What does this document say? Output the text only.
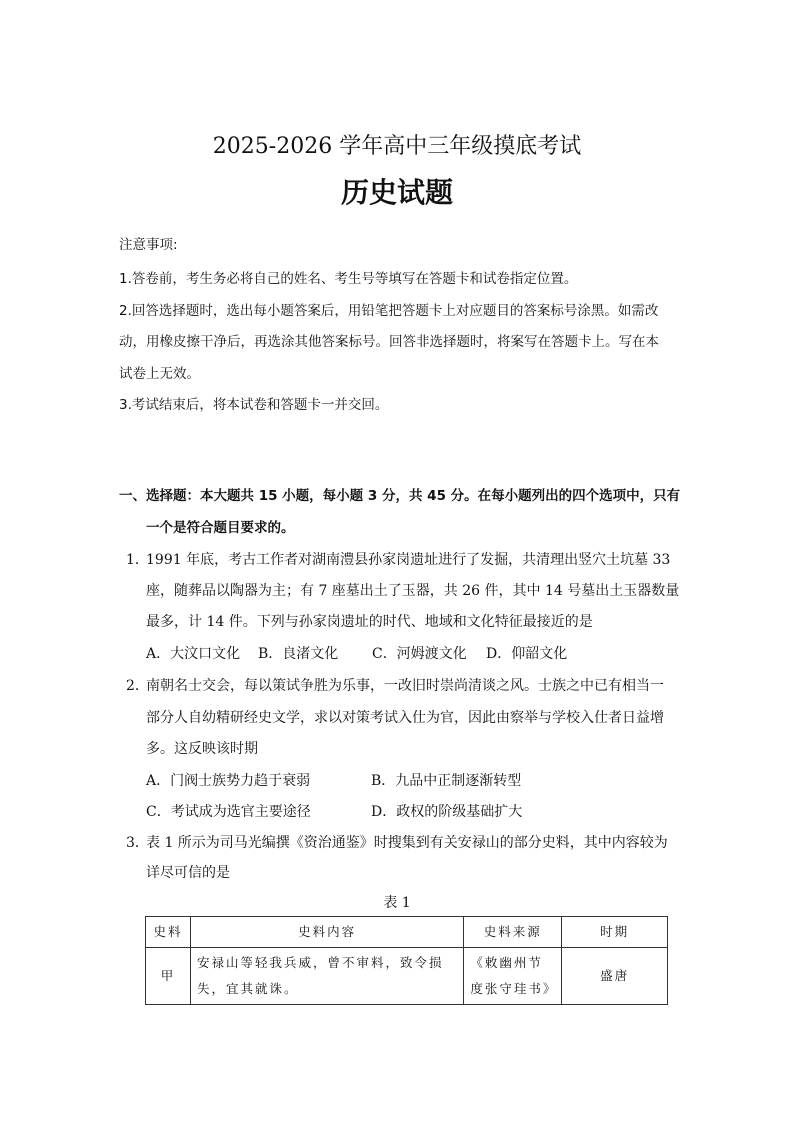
2025-2026 学年高中三年级摸底考试
历史试题
注意事项:
1.答卷前，考生务必将自己的姓名、考生号等填写在答题卡和试卷指定位置。
2.回答选择题时，选出每小题答案后，用铅笔把答题卡上对应题目的答案标号涂黑。如需改
动，用橡皮擦干净后，再选涂其他答案标号。回答非选择题时，将案写在答题卡上。写在本
试卷上无效。
3.考试结束后，将本试卷和答题卡一并交回。
一、选择题：本大题共 15 小题，每小题 3 分，共 45 分。在每小题列出的四个选项中，只有
一个是符合题目要求的。
1．
1991 年底，考古工作者对湖南澧县孙家岗遗址进行了发掘，共清理出竖穴土坑墓 33
座，随葬品以陶器为主；有 7 座墓出土了玉器，共 26 件，其中 14 号墓出土玉器数量
最多，计 14 件。下列与孙家岗遗址的时代、地域和文化特征最接近的是
A．大汶口文化 B．良渚文化 C．河姆渡文化 D．仰韶文化
2．
南朝名士交会，每以策试争胜为乐事，一改旧时崇尚清谈之风。士族之中已有相当一
部分人自幼精研经史文学，求以对策考试入仕为官，因此由察举与学校入仕者日益增
多。这反映该时期
A．门阀士族势力趋于衰弱	B．九品中正制逐渐转型
C．考试成为选官主要途径	D．政权的阶级基础扩大
3．
表 1 所示为司马光编撰《资治通鉴》时搜集到有关安禄山的部分史料，其中内容较为
详尽可信的是
表 1
史料	史料内容	史料来源	时期
甲	安禄山等轻我兵威，曾不审料，致令损失，宜其就诛。	《敕幽州节度张守珪书》	盛唐
